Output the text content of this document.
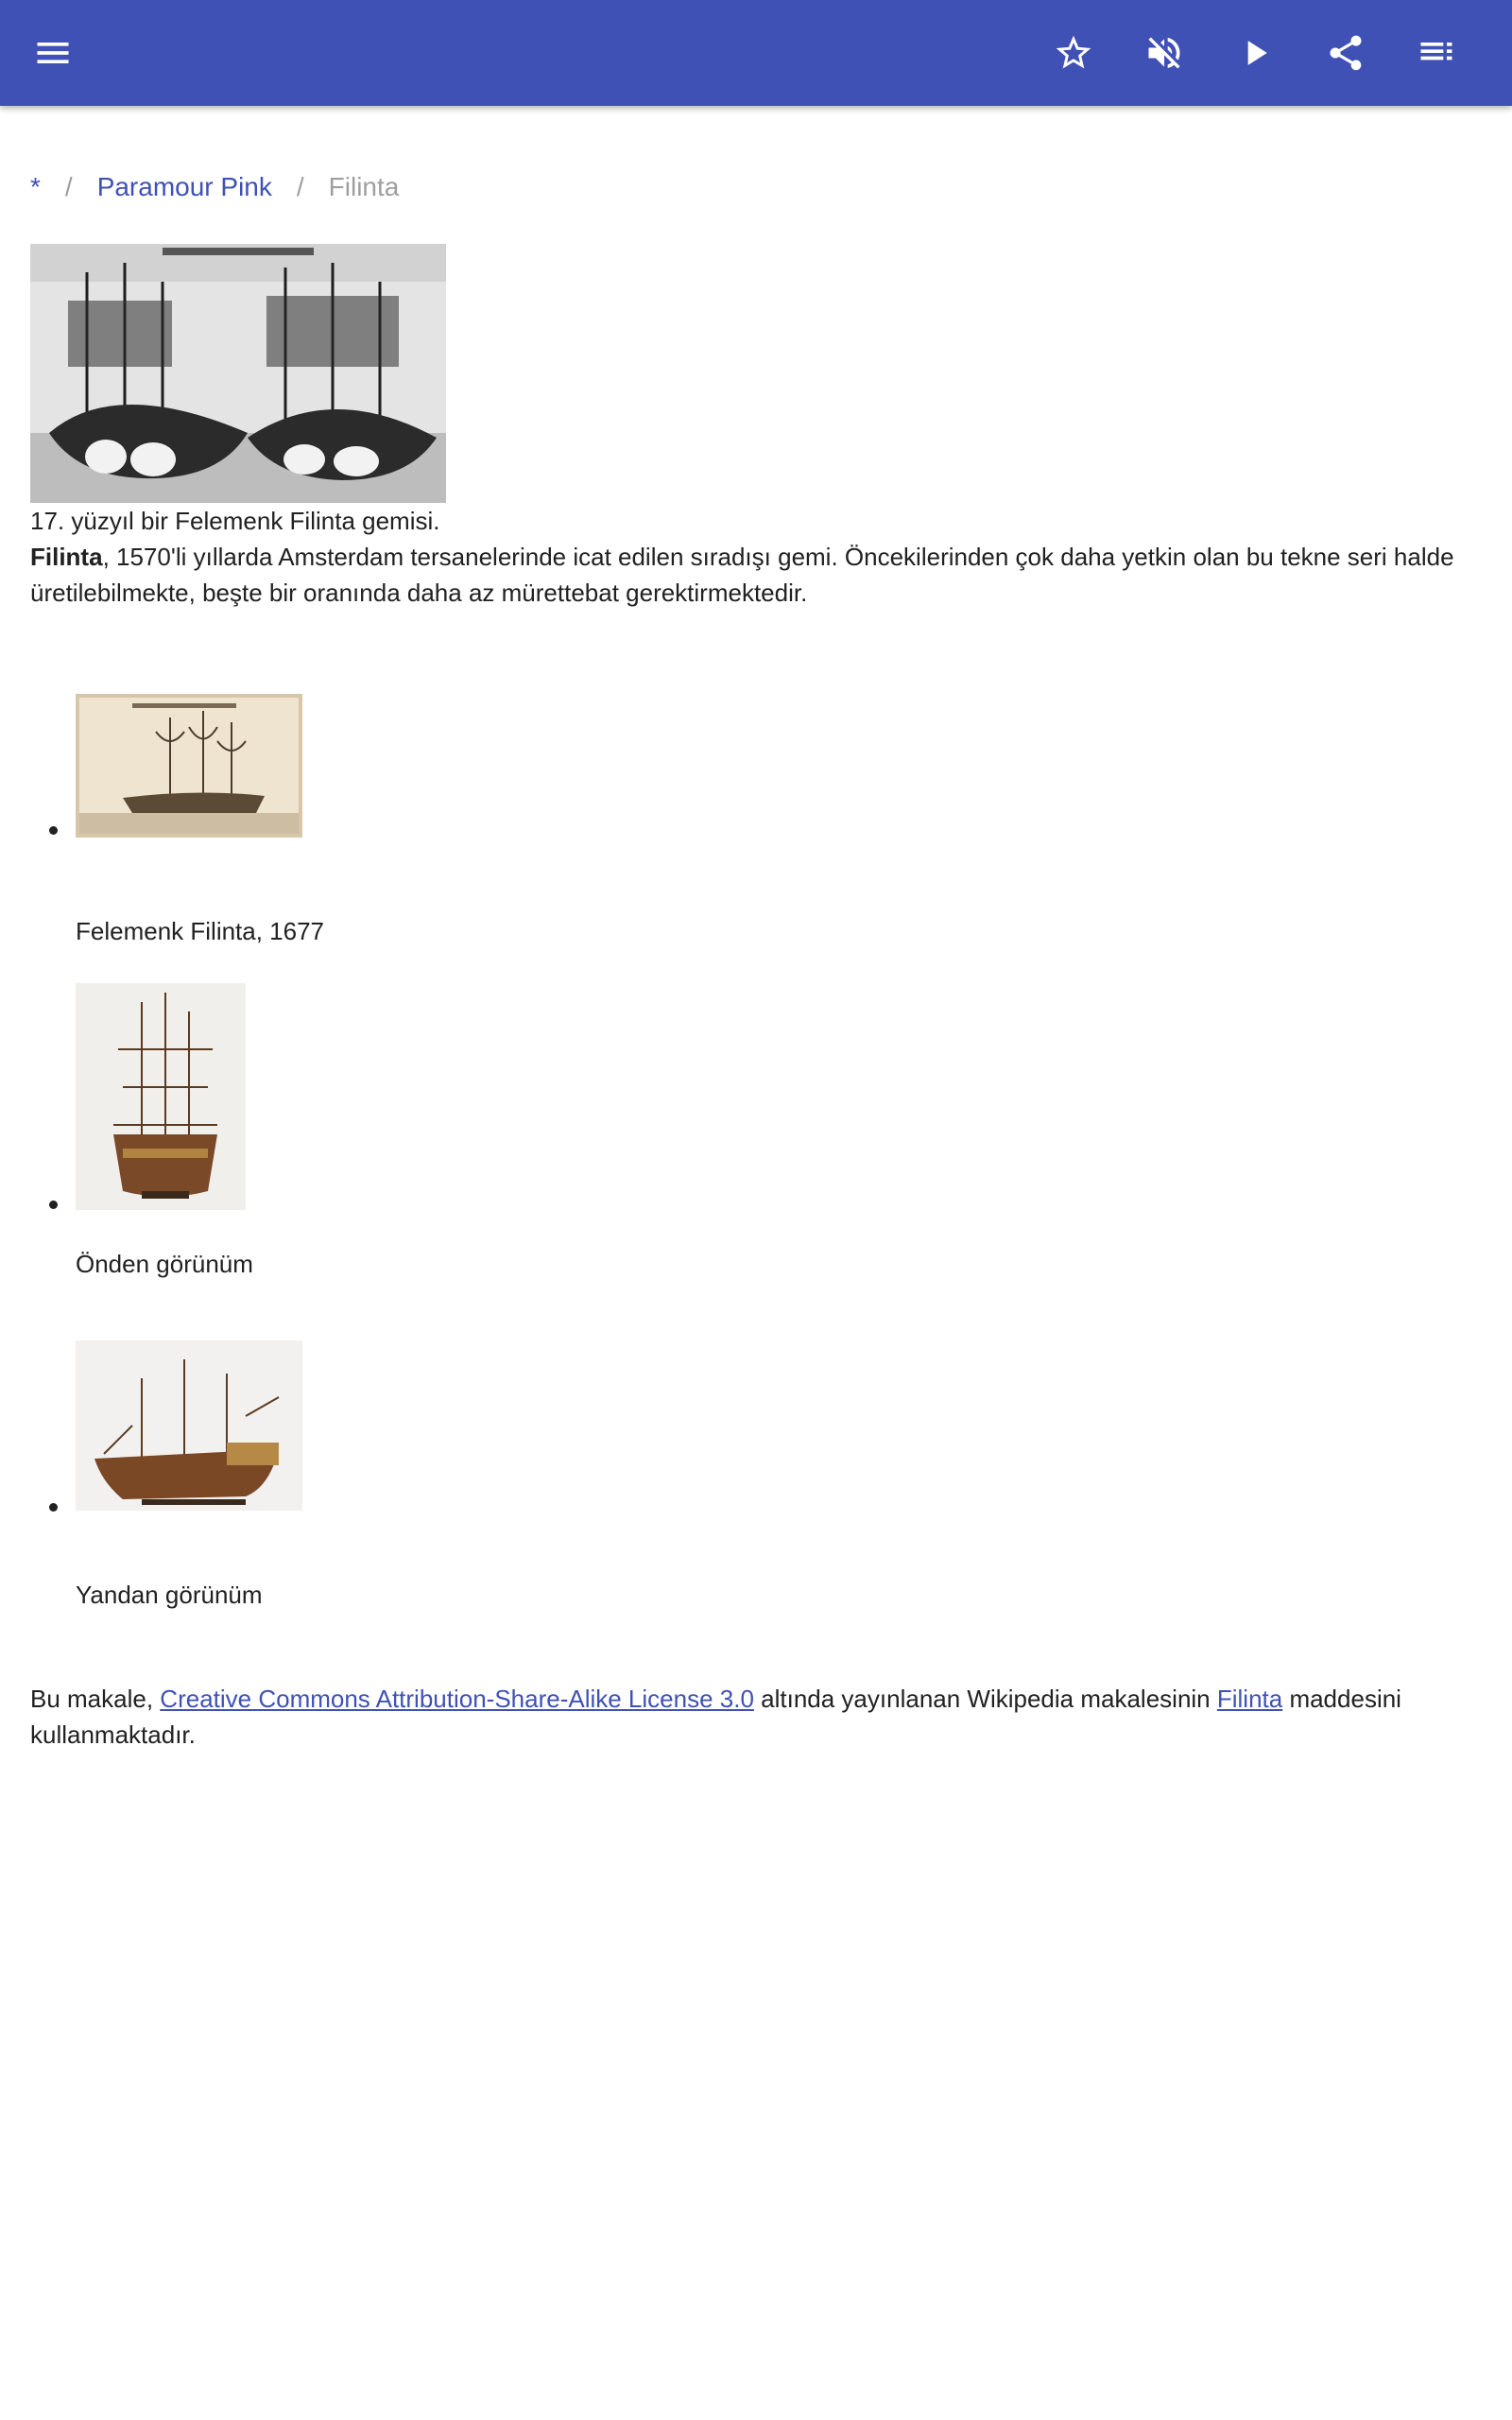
* / Paramour Pink / Filinta

17. yüzyıl bir Felemenk Filinta gemisi.

Filinta, 1570'li yıllarda Amsterdam tersanelerinde icat edilen sıradışı gemi. Öncekilerinden çok daha yetkin olan bu tekne seri halde üretilebilmekte, beşte bir oranında daha az mürettebat gerektirmektedir.

Felemenk Filinta, 1677
Önden görünüm
Yandan görünüm
Bu makale, Creative Commons Attribution-Share-Alike License 3.0 altında yayınlanan Wikipedia makalesinin Filinta maddesini kullanmaktadır.
